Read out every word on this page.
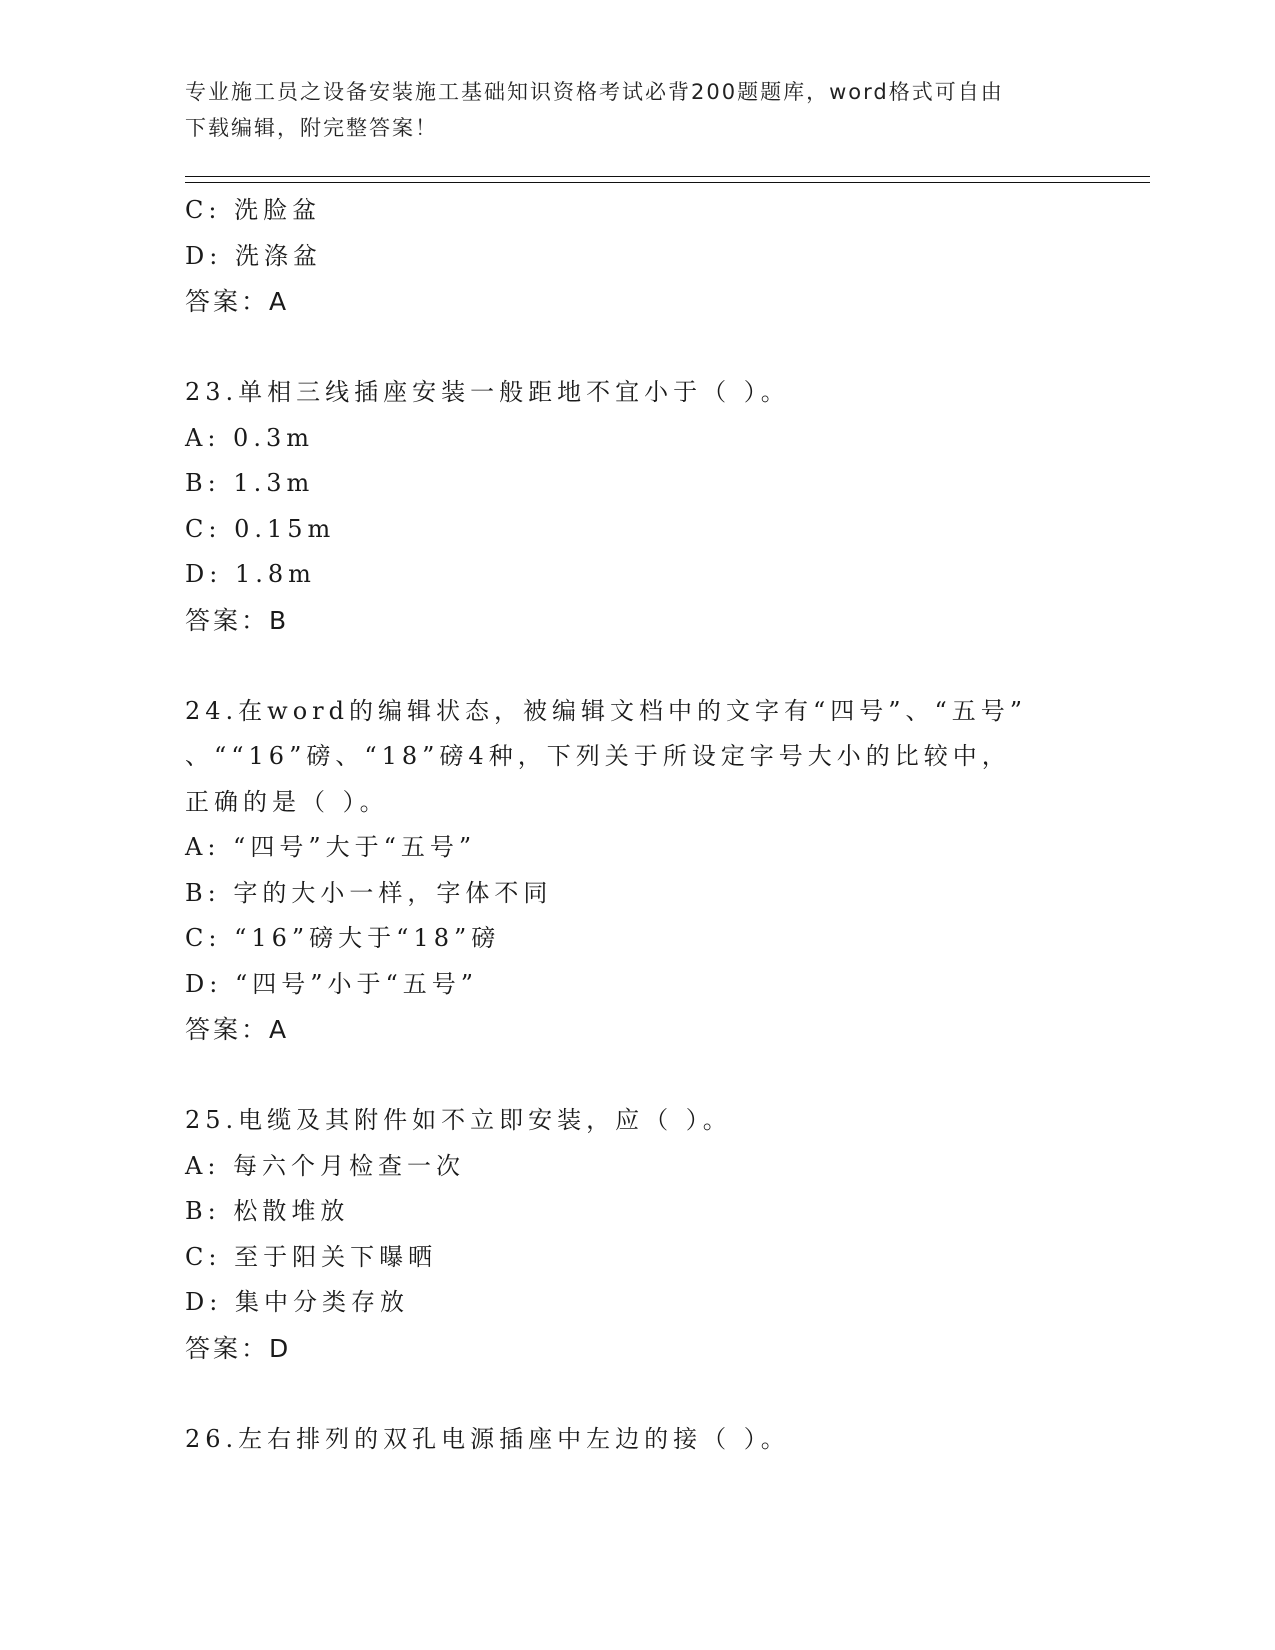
专业施工员之设备安装施工基础知识资格考试必背200题题库，word格式可自由
下载编辑，附完整答案！
C: 洗脸盆
D: 洗涤盆
答案：A
23.单相三线插座安装一般距地不宜小于（ ）。
A: 0.3m
B: 1.3m
C: 0.15m
D: 1.8m
答案：B
24.在word的编辑状态，被编辑文档中的文字有“四号”、“五号”
、““16”磅、“18”磅4种，下列关于所设定字号大小的比较中，
正确的是（ ）。
A: “四号”大于“五号”
B: 字的大小一样，字体不同
C: “16”磅大于“18”磅
D: “四号”小于“五号”
答案：A
25.电缆及其附件如不立即安装，应（ ）。
A: 每六个月检查一次
B: 松散堆放
C: 至于阳关下曝晒
D: 集中分类存放
答案：D
26.左右排列的双孔电源插座中左边的接（ ）。
